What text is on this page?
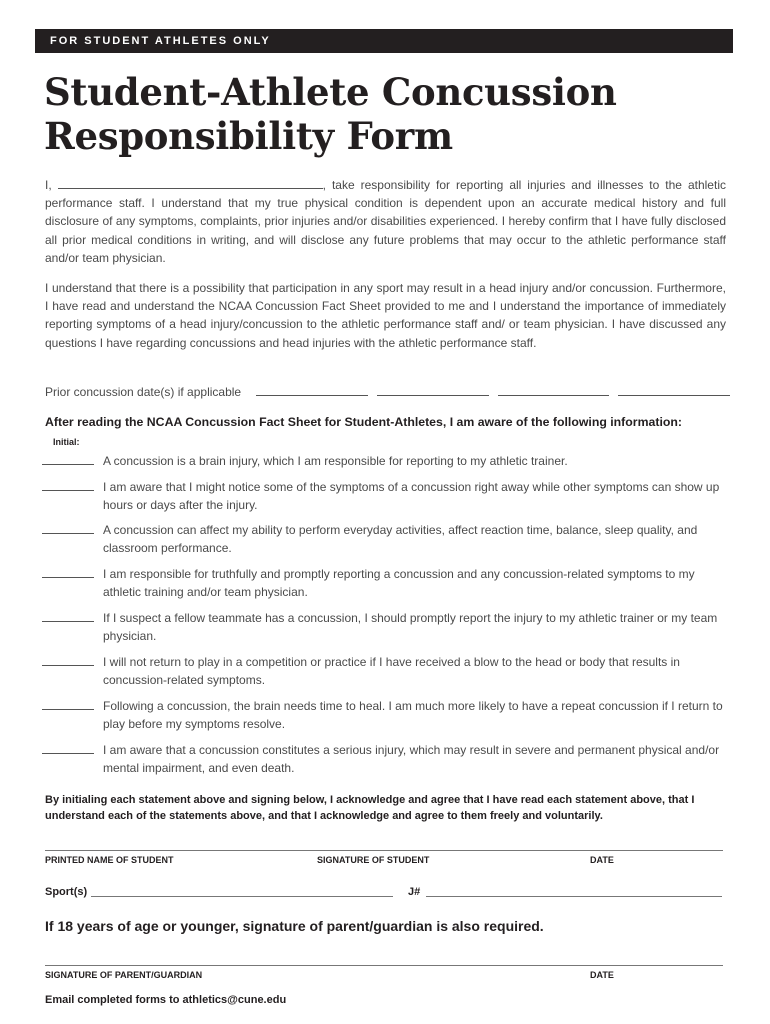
FOR STUDENT ATHLETES ONLY
Student-Athlete Concussion
Responsibility Form

I,	, take responsibility for reporting all injuries and illnesses to the athletic performance staff. I understand that my true physical condition is dependent upon an accurate medical history and full disclosure of any symptoms, complaints, prior injuries and/or disabilities experienced. I hereby confirm that I have fully disclosed all prior medical conditions in writing, and will disclose any future problems that may occur to the athletic performance staff and/or team physician.

I understand that there is a possibility that participation in any sport may result in a head injury and/or concussion. Furthermore, I have read and understand the NCAA Concussion Fact Sheet provided to me and I understand the importance of immediately reporting symptoms of a head injury/concussion to the athletic performance staff and/ or team physician. I have discussed any questions I have regarding concussions and head injuries with the athletic performance staff.

Prior concussion date(s) if applicable
After reading the NCAA Concussion Fact Sheet for Student-Athletes, I am aware of the following information:
Initial:
A concussion is a brain injury, which I am responsible for reporting to my athletic trainer.
I am aware that I might notice some of the symptoms of a concussion right away while other symptoms can show up hours or days after the injury.
A concussion can affect my ability to perform everyday activities, affect reaction time, balance, sleep quality, and classroom performance.
I am responsible for truthfully and promptly reporting a concussion and any concussion-related symptoms to my athletic training and/or team physician.
If I suspect a fellow teammate has a concussion, I should promptly report the injury to my athletic trainer or my team physician.
I will not return to play in a competition or practice if I have received a blow to the head or body that results in concussion-related symptoms.
Following a concussion, the brain needs time to heal. I am much more likely to have a repeat concussion if I return to play before my symptoms resolve.
I am aware that a concussion constitutes a serious injury, which may result in severe and permanent physical and/or mental impairment, and even death.
By initialing each statement above and signing below, I acknowledge and agree that I have read each statement above, that I understand each of the statements above, and that I acknowledge and agree to them freely and voluntarily.
PRINTED NAME OF STUDENT	SIGNATURE OF STUDENT	DATE
Sport(s)	J#
If 18 years of age or younger, signature of parent/guardian is also required.
SIGNATURE OF PARENT/GUARDIAN	DATE
Email completed forms to athletics@cune.edu
